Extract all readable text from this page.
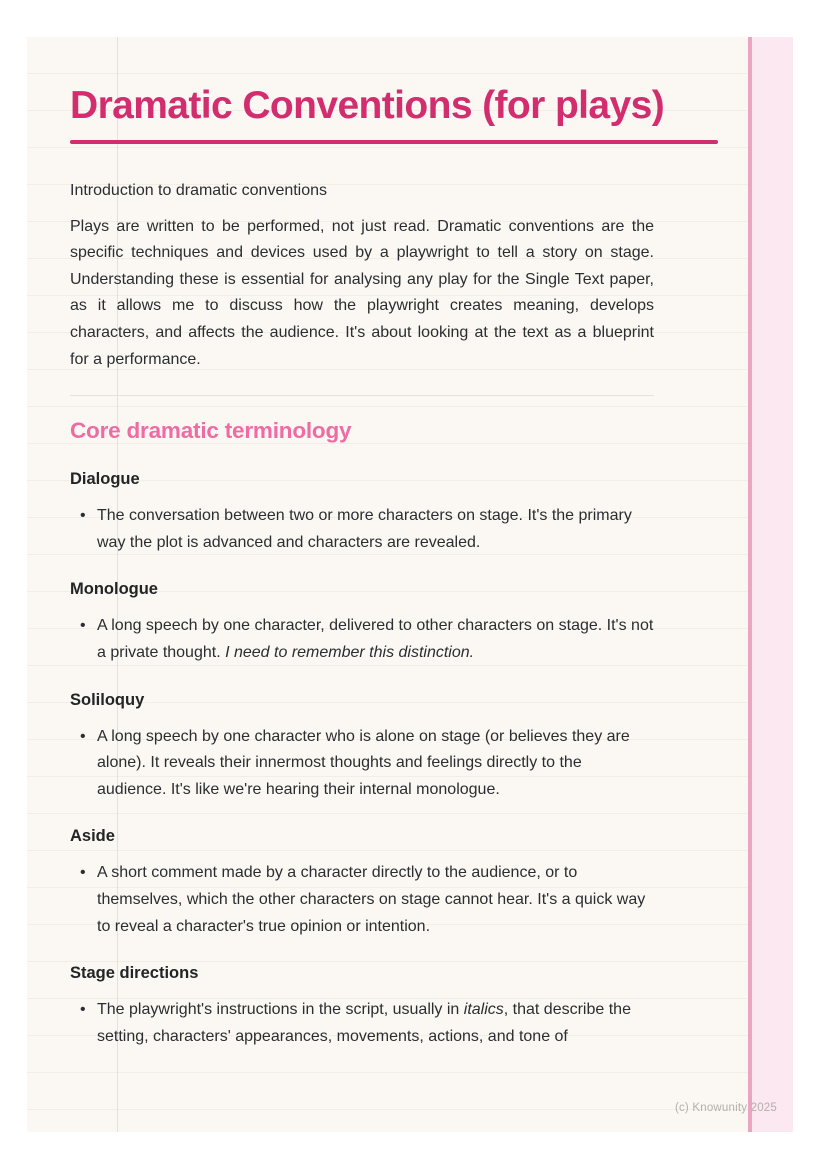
Dramatic Conventions (for plays)

Introduction to dramatic conventions

Plays are written to be performed, not just read. Dramatic conventions are the specific techniques and devices used by a playwright to tell a story on stage. Understanding these is essential for analysing any play for the Single Text paper, as it allows me to discuss how the playwright creates meaning, develops characters, and affects the audience. It's about looking at the text as a blueprint for a performance.

Core dramatic terminology
Dialogue
• The conversation between two or more characters on stage. It's the primary way the plot is advanced and characters are revealed.
Monologue
• A long speech by one character, delivered to other characters on stage. It's not a private thought. I need to remember this distinction.
Soliloquy
• A long speech by one character who is alone on stage (or believes they are alone). It reveals their innermost thoughts and feelings directly to the audience. It's like we're hearing their internal monologue.
Aside
• A short comment made by a character directly to the audience, or to themselves, which the other characters on stage cannot hear. It's a quick way to reveal a character's true opinion or intention.
Stage directions
• The playwright's instructions in the script, usually in italics, that describe the setting, characters' appearances, movements, actions, and tone of
(c) Knowunity 2025
